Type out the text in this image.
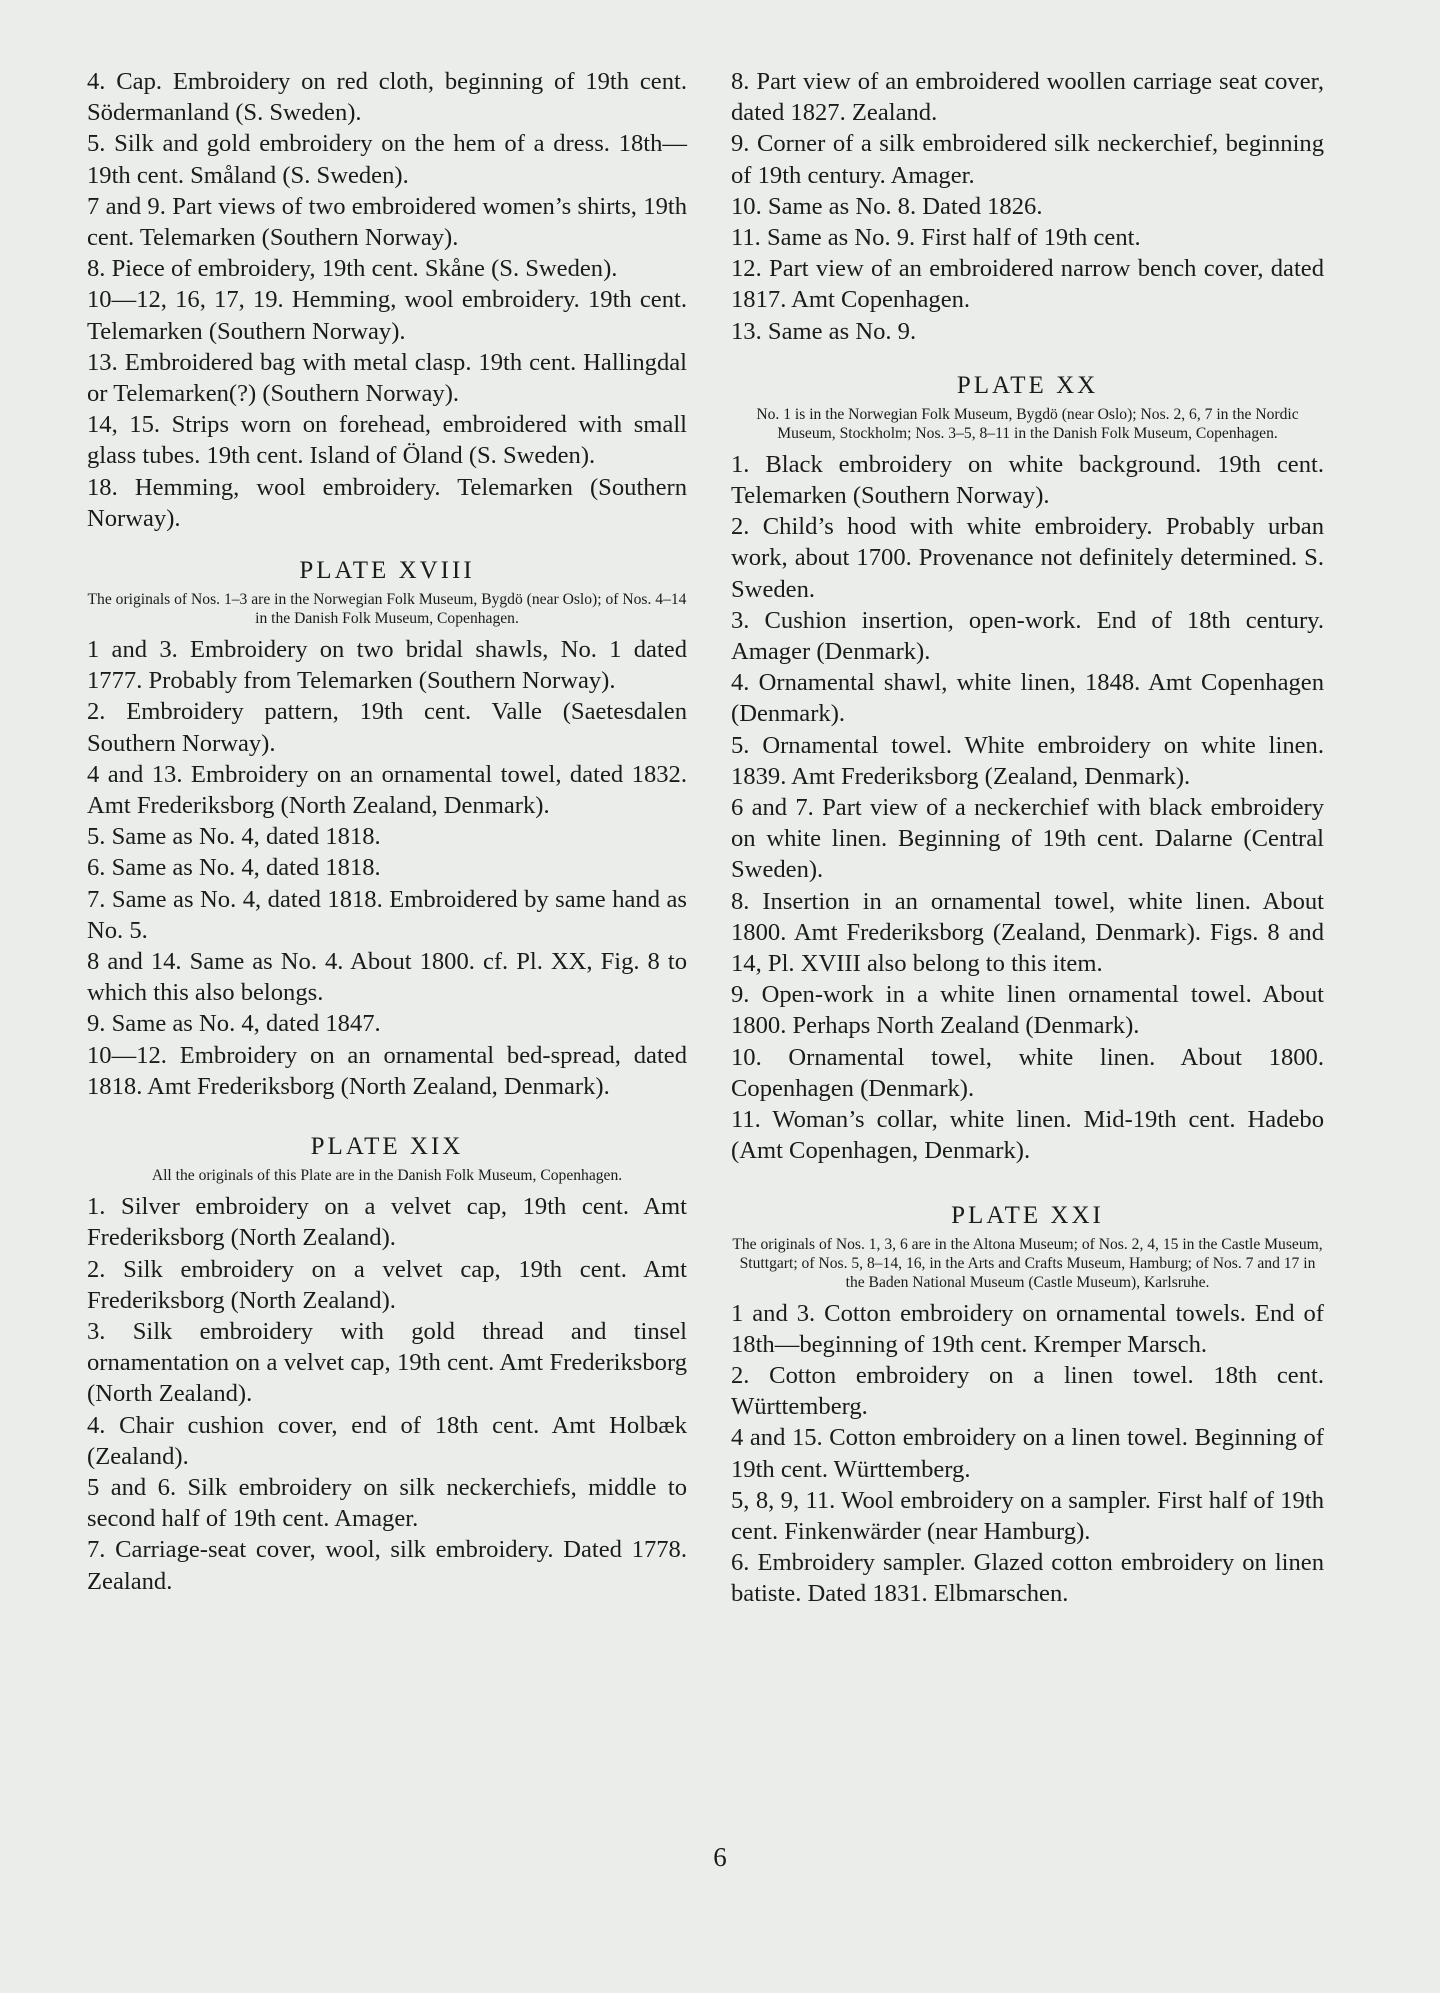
4. Cap. Embroidery on red cloth, beginning of 19th cent. Södermanland (S. Sweden).

5. Silk and gold embroidery on the hem of a dress. 18th—19th cent. Småland (S. Sweden).

7 and 9. Part views of two embroidered women’s shirts, 19th cent. Telemarken (Southern Norway).

8. Piece of embroidery, 19th cent. Skåne (S. Sweden).

10—12, 16, 17, 19. Hemming, wool embroidery. 19th cent. Telemarken (Southern Norway).

13. Embroidered bag with metal clasp. 19th cent. Hallingdal or Telemarken(?) (Southern Norway).

14, 15. Strips worn on forehead, embroidered with small glass tubes. 19th cent. Island of Öland (S. Sweden).

18. Hemming, wool embroidery. Telemarken (Southern Norway).

PLATE XVIII
The originals of Nos. 1–3 are in the Norwegian Folk Museum, Bygdö (near Oslo); of Nos. 4–14 in the Danish Folk Museum, Copenhagen.

1 and 3. Embroidery on two bridal shawls, No. 1 dated 1777. Probably from Telemarken (Southern Norway).

2. Embroidery pattern, 19th cent. Valle (Saetesdalen Southern Norway).

4 and 13. Embroidery on an ornamental towel, dated 1832. Amt Frederiksborg (North Zealand, Denmark).

5. Same as No. 4, dated 1818.

6. Same as No. 4, dated 1818.

7. Same as No. 4, dated 1818. Embroidered by same hand as No. 5.

8 and 14. Same as No. 4. About 1800. cf. Pl. XX, Fig. 8 to which this also belongs.

9. Same as No. 4, dated 1847.

10—12. Embroidery on an ornamental bed-spread, dated 1818. Amt Frederiksborg (North Zealand, Denmark).

PLATE XIX
All the originals of this Plate are in the Danish Folk Museum, Copenhagen.

1. Silver embroidery on a velvet cap, 19th cent. Amt Frederiksborg (North Zealand).

2. Silk embroidery on a velvet cap, 19th cent. Amt Frederiksborg (North Zealand).

3. Silk embroidery with gold thread and tinsel ornamentation on a velvet cap, 19th cent. Amt Frederiksborg (North Zealand).

4. Chair cushion cover, end of 18th cent. Amt Holbæk (Zealand).

5 and 6. Silk embroidery on silk neckerchiefs, middle to second half of 19th cent. Amager.

7. Carriage-seat cover, wool, silk embroidery. Dated 1778. Zealand.

8. Part view of an embroidered woollen carriage seat cover, dated 1827. Zealand.

9. Corner of a silk embroidered silk neckerchief, beginning of 19th century. Amager.

10. Same as No. 8. Dated 1826.

11. Same as No. 9. First half of 19th cent.

12. Part view of an embroidered narrow bench cover, dated 1817. Amt Copenhagen.

13. Same as No. 9.

PLATE XX
No. 1 is in the Norwegian Folk Museum, Bygdö (near Oslo); Nos. 2, 6, 7 in the Nordic Museum, Stockholm; Nos. 3–5, 8–11 in the Danish Folk Museum, Copenhagen.

1. Black embroidery on white background. 19th cent. Telemarken (Southern Norway).

2. Child’s hood with white embroidery. Probably urban work, about 1700. Provenance not definitely determined. S. Sweden.

3. Cushion insertion, open-work. End of 18th century. Amager (Denmark).

4. Ornamental shawl, white linen, 1848. Amt Copenhagen (Denmark).

5. Ornamental towel. White embroidery on white linen. 1839. Amt Frederiksborg (Zealand, Denmark).

6 and 7. Part view of a neckerchief with black embroidery on white linen. Beginning of 19th cent. Dalarne (Central Sweden).

8. Insertion in an ornamental towel, white linen. About 1800. Amt Frederiksborg (Zealand, Denmark). Figs. 8 and 14, Pl. XVIII also belong to this item.

9. Open-work in a white linen ornamental towel. About 1800. Perhaps North Zealand (Denmark).

10. Ornamental towel, white linen. About 1800. Copenhagen (Denmark).

11. Woman’s collar, white linen. Mid-19th cent. Hadebo (Amt Copenhagen, Denmark).

PLATE XXI
The originals of Nos. 1, 3, 6 are in the Altona Museum; of Nos. 2, 4, 15 in the Castle Museum, Stuttgart; of Nos. 5, 8–14, 16, in the Arts and Crafts Museum, Hamburg; of Nos. 7 and 17 in the Baden National Museum (Castle Museum), Karlsruhe.

1 and 3. Cotton embroidery on ornamental towels. End of 18th—beginning of 19th cent. Kremper Marsch.

2. Cotton embroidery on a linen towel. 18th cent. Württemberg.

4 and 15. Cotton embroidery on a linen towel. Beginning of 19th cent. Württemberg.

5, 8, 9, 11. Wool embroidery on a sampler. First half of 19th cent. Finkenwärder (near Hamburg).

6. Embroidery sampler. Glazed cotton embroidery on linen batiste. Dated 1831. Elbmarschen.

6
